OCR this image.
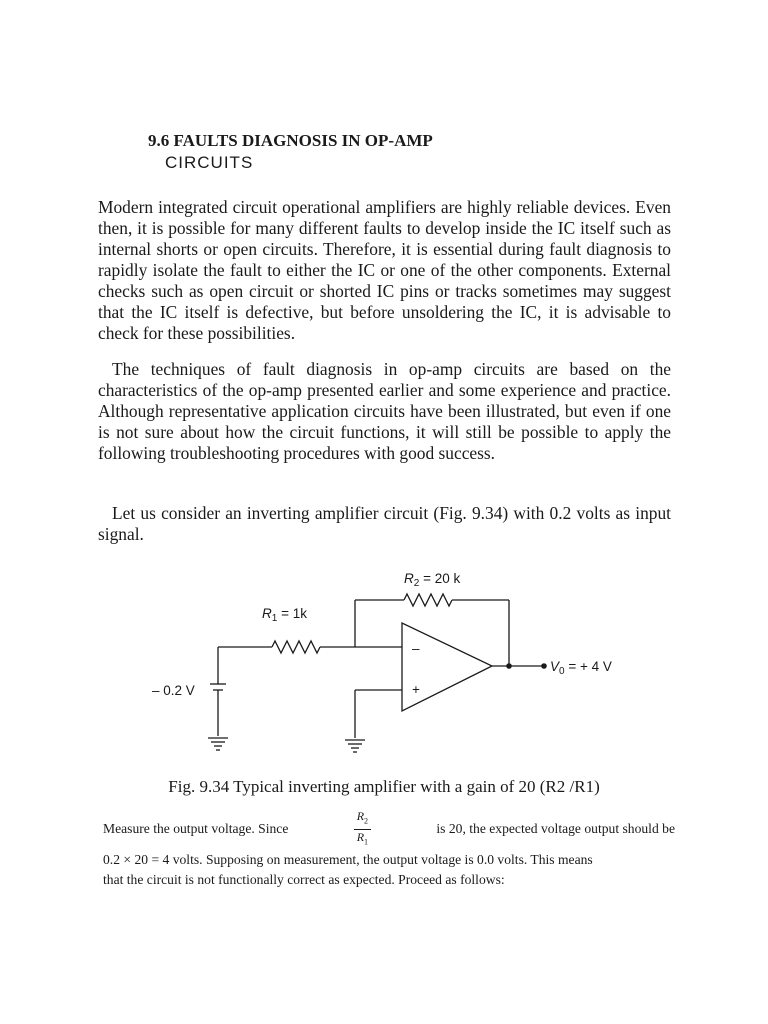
9.6 FAULTS DIAGNOSIS IN OP-AMP
CIRCUITS

Modern integrated circuit operational amplifiers are highly reliable devices. Even then, it is possible for many different faults to develop inside the IC itself such as internal shorts or open circuits. Therefore, it is essential during fault diagnosis to rapidly isolate the fault to either the IC or one of the other components. External checks such as open circuit or shorted IC pins or tracks sometimes may suggest that the IC itself is defective, but before unsoldering the IC, it is advisable to check for these possibilities.

The techniques of fault diagnosis in op-amp circuits are based on the characteristics of the op-amp presented earlier and some experience and practice. Although representative application circuits have been illustrated, but even if one is not sure about how the circuit functions, it will still be possible to apply the following troubleshooting procedures with good success.

Let us consider an inverting amplifier circuit (Fig. 9.34) with 0.2 volts as input signal.

$R_2 = 20$ k
$R_1 = 1k$
– 0.2 V
–
+
$V_0$ = + 4 V
Fig. 9.34 Typical inverting amplifier with a gain of 20 (R2 /R1)
Measure the output voltage. Since	$\frac{R_2}{R_1}$	is 20, the expected voltage output should be
0.2 × 20 = 4 volts. Supposing on measurement, the output voltage is 0.0 volts. This means
that the circuit is not functionally correct as expected. Proceed as follows:
